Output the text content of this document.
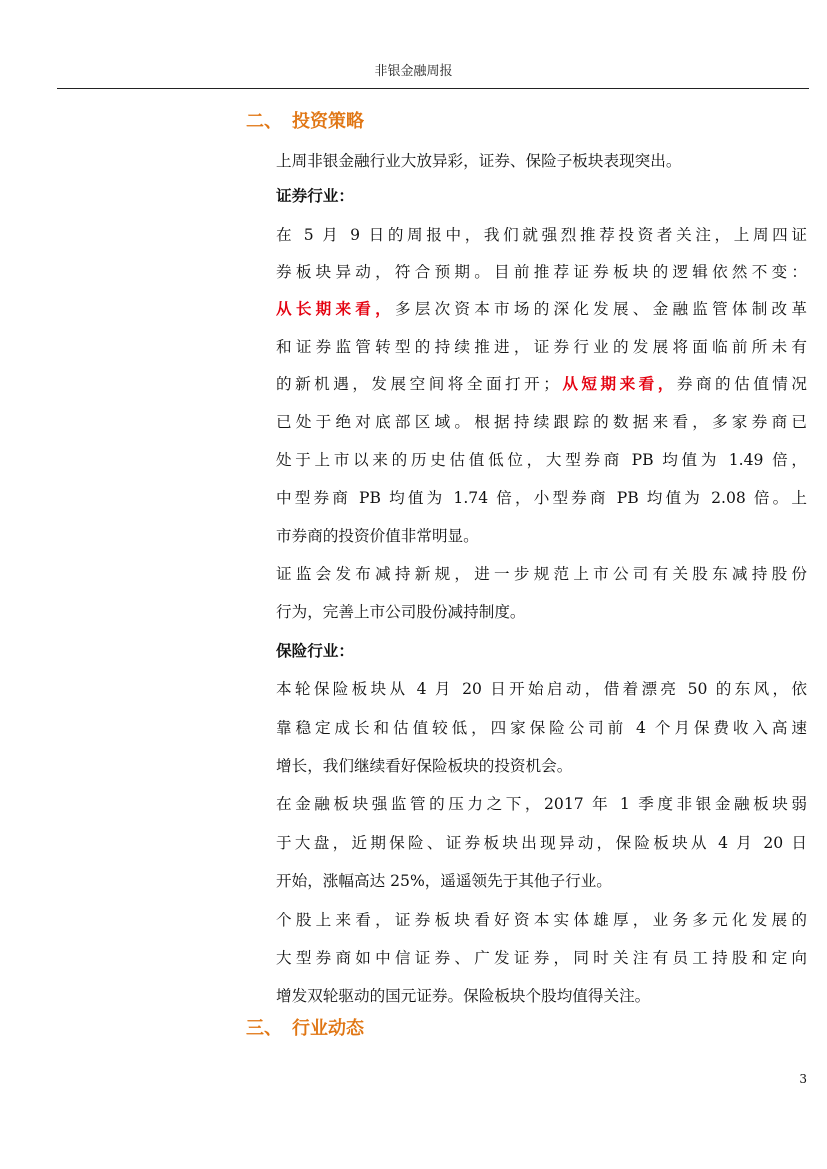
非银金融周报
二、 投资策略
上周非银金融行业大放异彩，证券、保险子板块表现突出。
证券行业：
在 5 月 9 日的周报中，我们就强烈推荐投资者关注，上周四证
券板块异动，符合预期。目前推荐证券板块的逻辑依然不变：
从长期来看，多层次资本市场的深化发展、金融监管体制改革
和证券监管转型的持续推进，证券行业的发展将面临前所未有
的新机遇，发展空间将全面打开；从短期来看，券商的估值情况
已处于绝对底部区域。根据持续跟踪的数据来看，多家券商已
处于上市以来的历史估值低位，大型券商 PB 均值为 1.49 倍，
中型券商 PB 均值为 1.74 倍，小型券商 PB 均值为 2.08 倍。上
市券商的投资价值非常明显。
证监会发布减持新规，进一步规范上市公司有关股东减持股份
行为，完善上市公司股份减持制度。
保险行业：
本轮保险板块从 4 月 20 日开始启动，借着漂亮 50 的东风，依
靠稳定成长和估值较低，四家保险公司前 4 个月保费收入高速
增长，我们继续看好保险板块的投资机会。
在金融板块强监管的压力之下，2017 年 1 季度非银金融板块弱
于大盘，近期保险、证券板块出现异动，保险板块从 4 月 20 日
开始，涨幅高达 25%，遥遥领先于其他子行业。
个股上来看，证券板块看好资本实体雄厚，业务多元化发展的
大型券商如中信证券、广发证券，同时关注有员工持股和定向
增发双轮驱动的国元证券。保险板块个股均值得关注。
三、 行业动态
3
